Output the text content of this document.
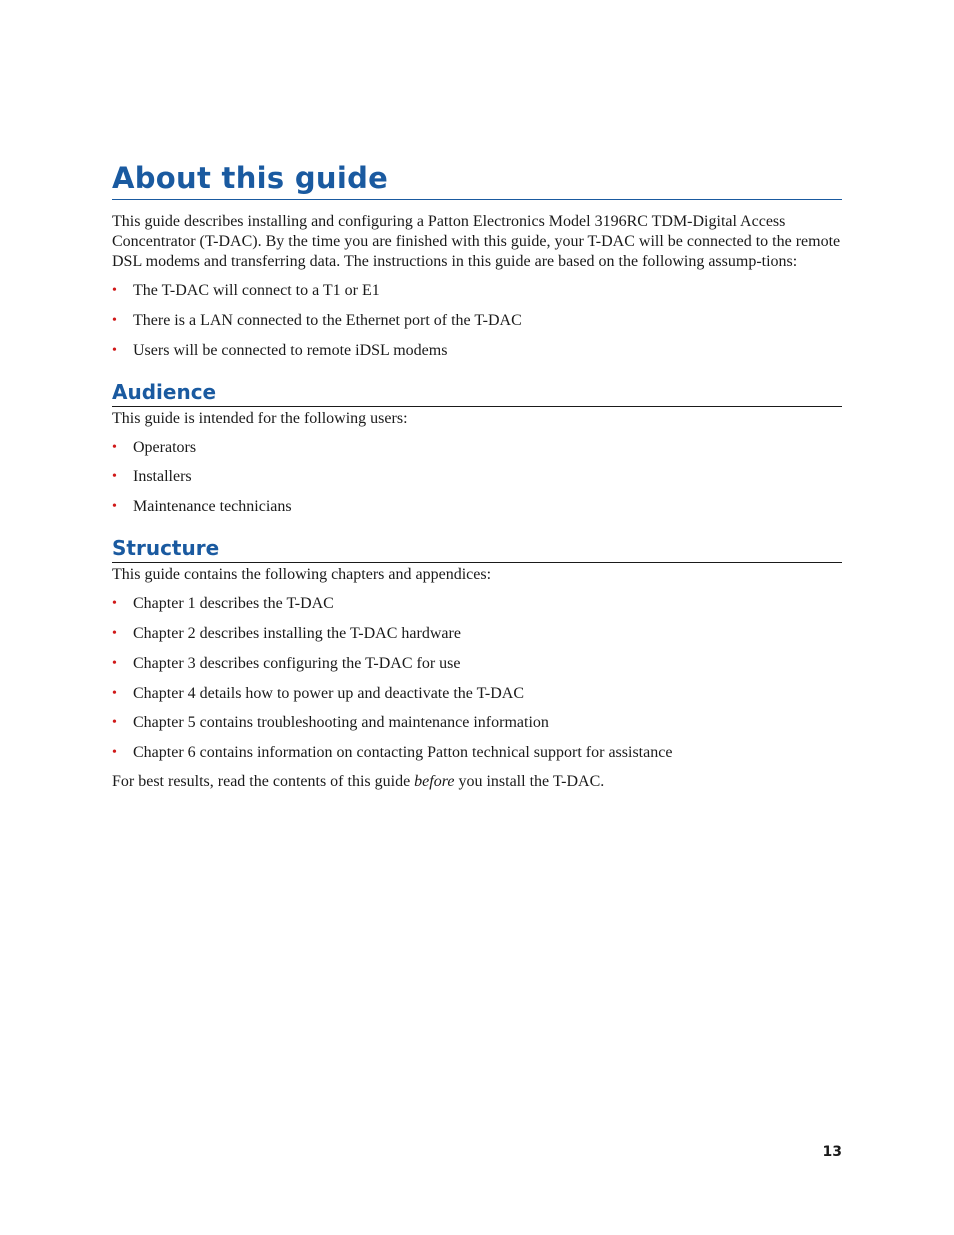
About this guide

This guide describes installing and configuring a Patton Electronics Model 3196RC TDM-Digital Access Concentrator (T-DAC). By the time you are finished with this guide, your T-DAC will be connected to the remote DSL modems and transferring data. The instructions in this guide are based on the following assump-tions:

• The T-DAC will connect to a T1 or E1
• There is a LAN connected to the Ethernet port of the T-DAC
• Users will be connected to remote iDSL modems
Audience

This guide is intended for the following users:

• Operators
• Installers
• Maintenance technicians
Structure

This guide contains the following chapters and appendices:

• Chapter 1 describes the T-DAC
• Chapter 2 describes installing the T-DAC hardware
• Chapter 3 describes configuring the T-DAC for use
• Chapter 4 details how to power up and deactivate the T-DAC
• Chapter 5 contains troubleshooting and maintenance information
• Chapter 6 contains information on contacting Patton technical support for assistance

For best results, read the contents of this guide before you install the T-DAC.

13
